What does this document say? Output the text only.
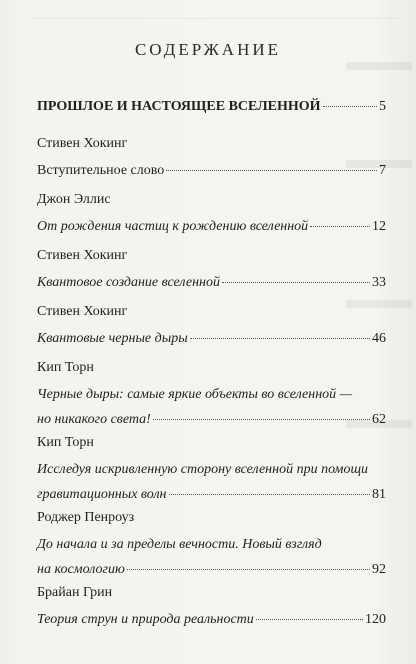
СОДЕРЖАНИЕ
ПРОШЛОЕ И НАСТОЯЩЕЕ ВСЕЛЕННОЙ	5
Стивен Хокинг
Вступительное слово	7
Джон Эллис
От рождения частиц к рождению вселенной	12
Стивен Хокинг
Квантовое создание вселенной	33
Стивен Хокинг
Квантовые черные дыры	46
Кип Торн
Черные дыры: самые яркие объекты во вселенной —
но никакого света!	62
Кип Торн
Исследуя искривленную сторону вселенной при помощи
гравитационных волн	81
Роджер Пенроуз
До начала и за пределы вечности. Новый взгляд
на космологию	92
Брайан Грин
Теория струн и природа реальности	120
